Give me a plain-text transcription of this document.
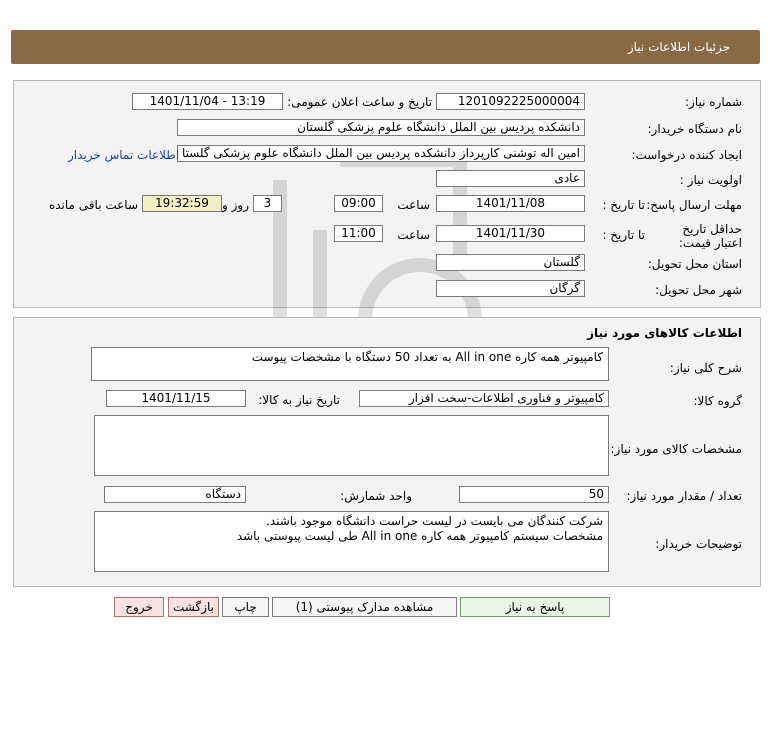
جزئیات اطلاعات نیاز
شماره نیاز:
1201092225000004
تاریخ و ساعت اعلان عمومی:
1401/11/04 - 13:19
نام دستگاه خریدار:
دانشکده پردیس بین الملل دانشگاه علوم پزشکی گلستان
ایجاد کننده درخواست:
امین اله توشنی کارپرداز دانشکده پردیس بین الملل دانشگاه علوم پزشکی گلستا
اطلاعات تماس خریدار
اولویت نیاز :
عادی
مهلت ارسال پاسخ:
تا تاریخ :
1401/11/08
ساعت
09:00
3
روز و
19:32:59
ساعت باقی مانده
حداقل تاریخ اعتبار قیمت:
تا تاریخ :
1401/11/30
ساعت
11:00
استان محل تحویل:
گلستان
شهر محل تحویل:
گرگان
اطلاعات کالاهای مورد نیاز
شرح کلی نیاز:
کامپیوتر همه کاره All in one به تعداد 50 دستگاه با مشخصات پیوست
گروه کالا:
کامپیوتر و فناوری اطلاعات-سخت افزار
تاریخ نیاز به کالا:
1401/11/15
مشخصات کالای مورد نیاز:
تعداد / مقدار مورد نیاز:
50
واحد شمارش:
دستگاه
توضیحات خریدار:
شرکت کنندگان می بایست در لیست حراست دانشگاه موجود باشند.
مشخصات سیستم کامپیوتر همه کاره All in one طی لیست پیوستی باشد
پاسخ به نیاز
مشاهده مدارک پیوستی (1)
چاپ
بازگشت
خروج
